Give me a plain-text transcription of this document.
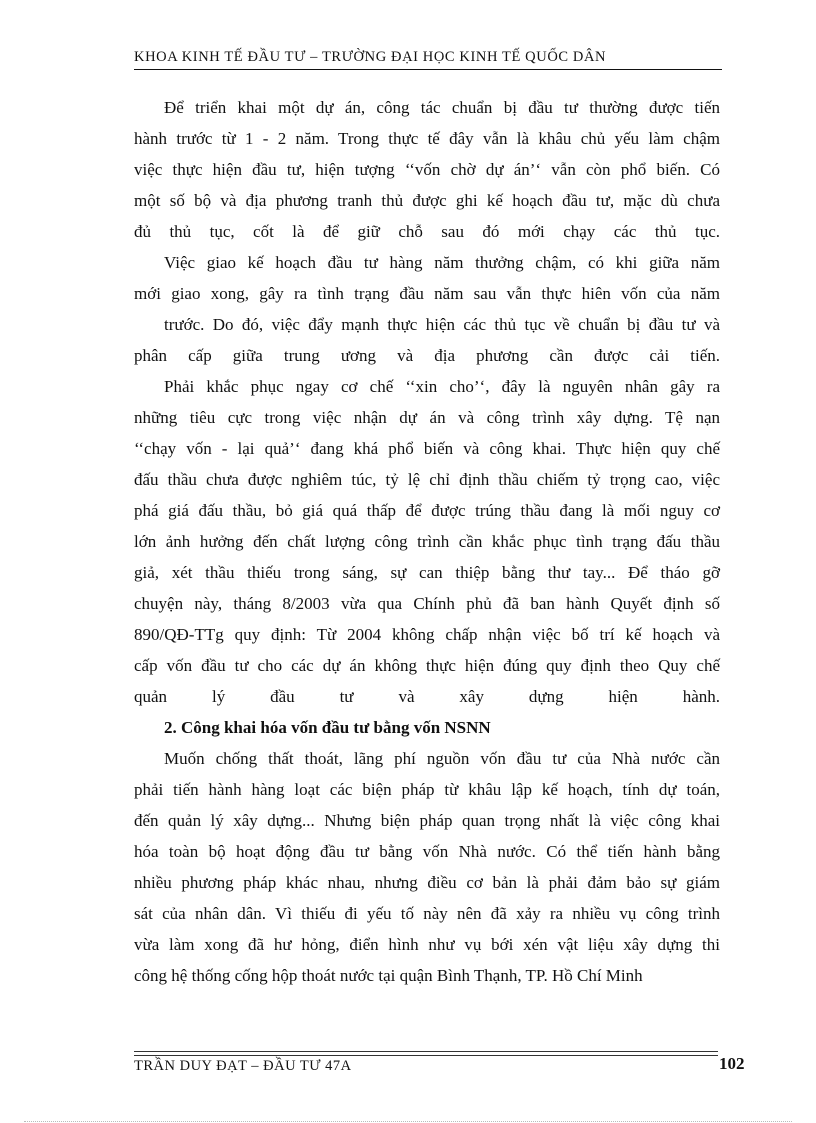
KHOA KINH TẾ ĐẦU TƯ – TRƯỜNG ĐẠI HỌC KINH TẾ QUỐC DÂN
Để triển khai một dự án, công tác chuẩn bị đầu tư thường được tiến
hành trước từ 1 - 2 năm. Trong thực tế đây vẫn là khâu chủ yếu làm chậm
việc thực hiện đầu tư, hiện tượng ‘‘vốn chờ dự án’‘ vẫn còn phổ biến. Có
một số bộ và địa phương tranh thủ được ghi kế hoạch đầu tư, mặc dù chưa
đủ thủ tục, cốt là để giữ chỗ sau đó mới chạy các thủ tục.
Việc giao kế hoạch đầu tư hàng năm thưởng chậm, có khi giữa năm
mới giao xong, gây ra tình trạng đầu năm sau vẫn thực hiên vốn của năm
trước. Do đó, việc đẩy mạnh thực hiện các thủ tục về chuẩn bị đầu tư và
phân cấp giữa trung ương và địa phương cần được cải tiến.
Phải khắc phục ngay cơ chế ‘‘xin cho’‘, đây là nguyên nhân gây ra
những tiêu cực trong việc nhận dự án và công trình xây dựng. Tệ nạn
‘‘chạy vốn - lại quả’‘ đang khá phổ biến và công khai. Thực hiện quy chế
đấu thầu chưa được nghiêm túc, tỷ lệ chỉ định thầu chiếm tỷ trọng cao, việc
phá giá đấu thầu, bỏ giá quá thấp để được trúng thầu đang là mối nguy cơ
lớn ảnh hưởng đến chất lượng công trình cần khắc phục tình trạng đấu thầu
giả, xét thầu thiếu trong sáng, sự can thiệp bằng thư tay... Để tháo gỡ
chuyện này, tháng 8/2003 vừa qua Chính phủ đã ban hành Quyết định số
890/QĐ-TTg quy định: Từ 2004 không chấp nhận việc bố trí kế hoạch và
cấp vốn đầu tư cho các dự án không thực hiện đúng quy định theo Quy chế
quản lý đầu tư và xây dựng hiện hành.
2. Công khai hóa vốn đầu tư bằng vốn NSNN
Muốn chống thất thoát, lãng phí nguồn vốn đầu tư của Nhà nước cần
phải tiến hành hàng loạt các biện pháp từ khâu lập kế hoạch, tính dự toán,
đến quản lý xây dựng... Nhưng biện pháp quan trọng nhất là việc công khai
hóa toàn bộ hoạt động đầu tư bằng vốn Nhà nước. Có thể tiến hành bằng
nhiều phương pháp khác nhau, nhưng điều cơ bản là phải đảm bảo sự giám
sát của nhân dân. Vì thiếu đi yếu tố này nên đã xảy ra nhiều vụ công trình
vừa làm xong đã hư hỏng, điển hình như vụ bới xén vật liệu xây dựng thi
công hệ thống cống hộp thoát nước tại quận Bình Thạnh, TP. Hồ Chí Minh
TRẦN DUY ĐẠT – ĐẦU TƯ 47A	102
